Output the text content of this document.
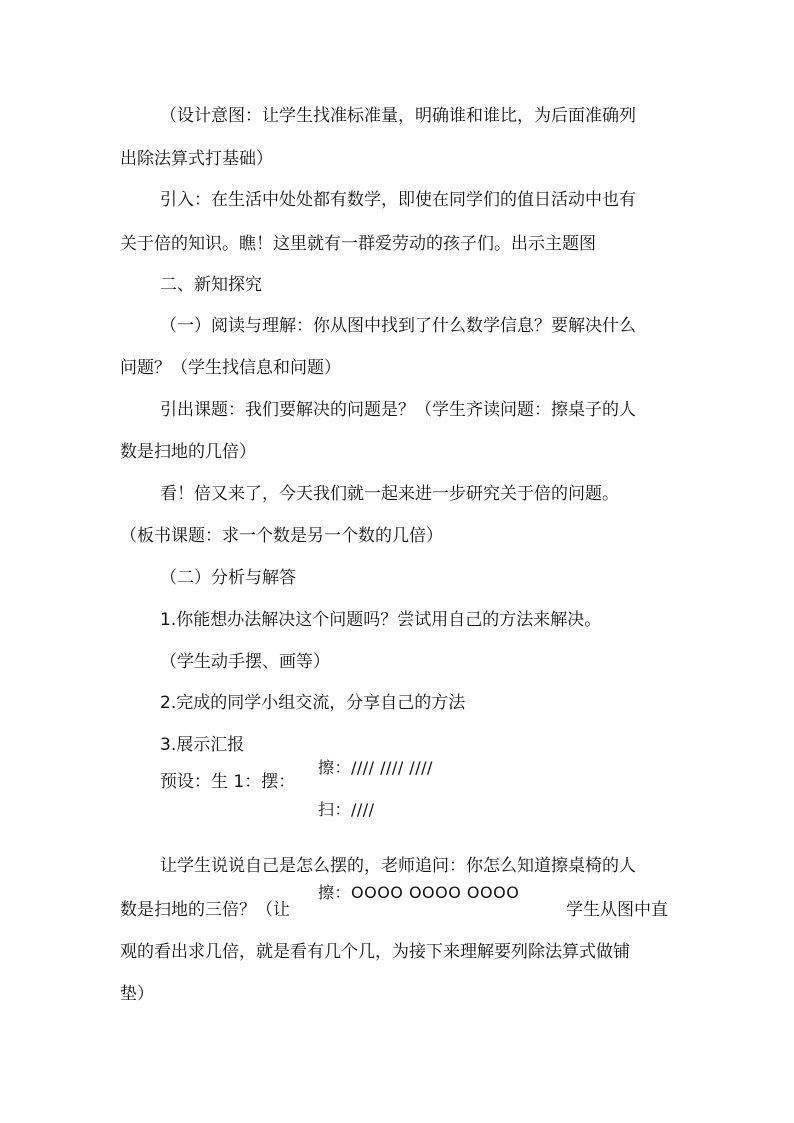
（设计意图：让学生找准标准量，明确谁和谁比，为后面准确列
出除法算式打基础）
引入：在生活中处处都有数学，即使在同学们的值日活动中也有
关于倍的知识。瞧！这里就有一群爱劳动的孩子们。出示主题图
二、新知探究
（一）阅读与理解：你从图中找到了什么数学信息？要解决什么
问题？（学生找信息和问题）
引出课题：我们要解决的问题是？（学生齐读问题：擦桌子的人
数是扫地的几倍）
看！倍又来了，今天我们就一起来进一步研究关于倍的问题。
（板书课题：求一个数是另一个数的几倍）
（二）分析与解答
1.你能想办法解决这个问题吗？尝试用自己的方法来解决。
（学生动手摆、画等）
2.完成的同学小组交流，分享自己的方法
3.展示汇报
预设：生 1：摆：
擦：//// //// ////
扫：////
让学生说说自己是怎么摆的，老师追问：你怎么知道擦桌椅的人
擦：OOOO OOOO OOOO
数是扫地的三倍？（让	学生从图中直
观的看出求几倍，就是看有几个几，为接下来理解要列除法算式做铺
垫）
